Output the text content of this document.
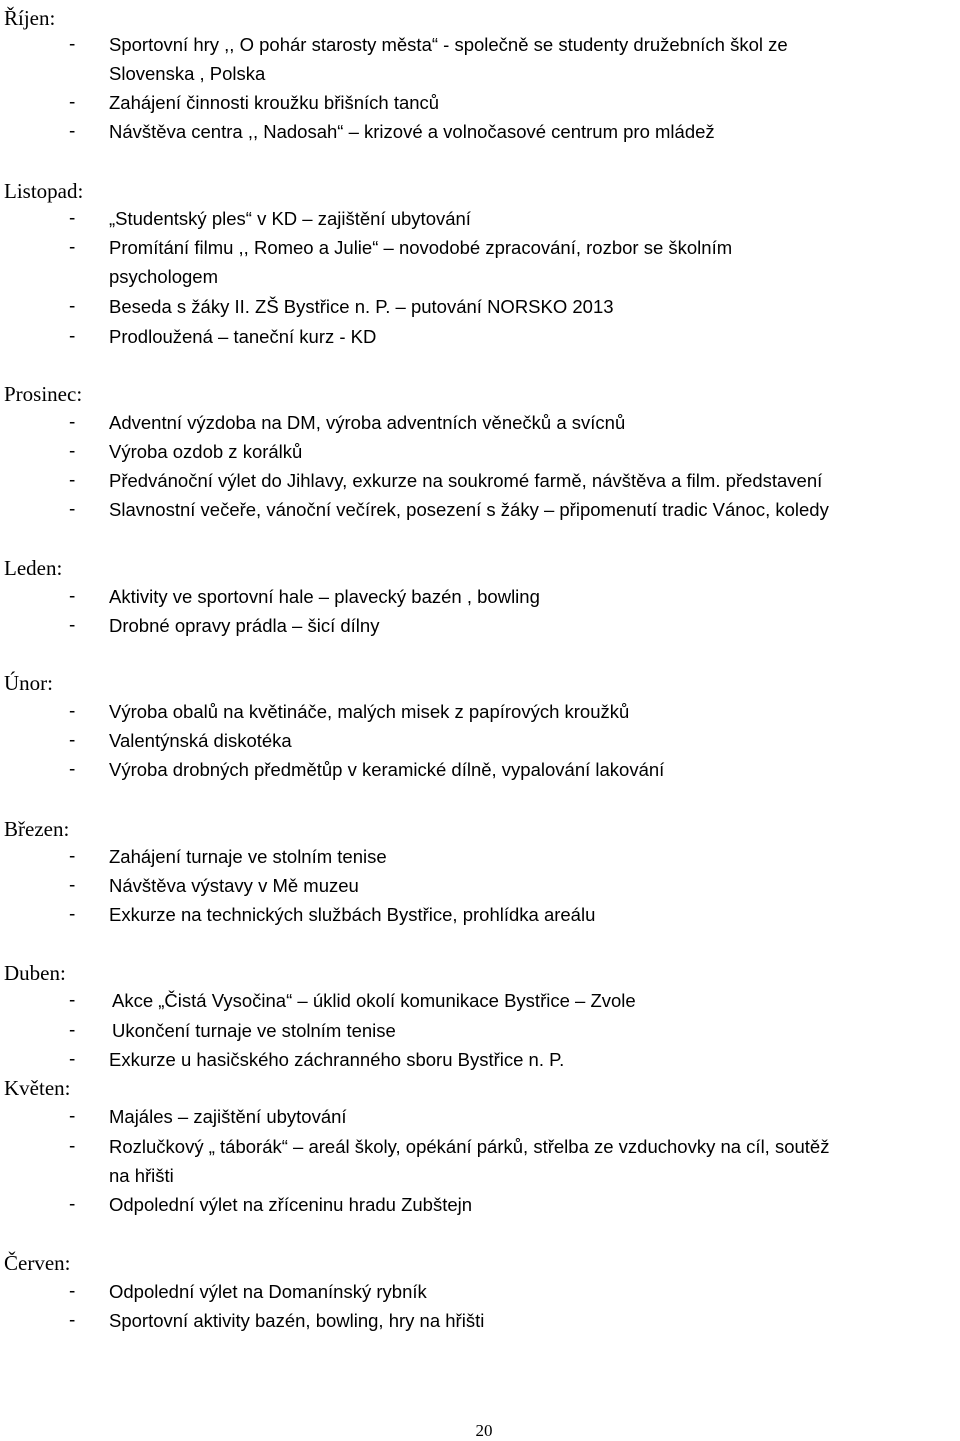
Říjen:
- Sportovní hry ,, O pohár starosty města“ - společně se studenty družebních škol ze
Slovenska , Polska
- Zahájení činnosti kroužku břišních tanců
- Návštěva centra ,, Nadosah“ – krizové a volnočasové centrum pro mládež
Listopad:
- „Studentský ples“ v KD – zajištění ubytování
- Promítání filmu ,, Romeo a Julie“ – novodobé zpracování, rozbor se školním
psychologem
- Beseda s žáky II. ZŠ Bystřice n. P. – putování NORSKO 2013
- Prodloužená – taneční kurz - KD
Prosinec:
- Adventní výzdoba na DM, výroba adventních věnečků a svícnů
- Výroba ozdob z korálků
- Předvánoční výlet do Jihlavy, exkurze na soukromé farmě, návštěva a film. představení
- Slavnostní večeře, vánoční večírek, posezení s žáky – připomenutí tradic Vánoc, koledy
Leden:
- Aktivity ve sportovní hale – plavecký bazén , bowling
- Drobné opravy prádla – šicí dílny
Únor:
- Výroba obalů na květináče, malých misek z papírových kroužků
- Valentýnská diskotéka
- Výroba drobných předmětůp v keramické dílně, vypalování lakování
Březen:
- Zahájení turnaje ve stolním tenise
- Návštěva výstavy v Mě muzeu
- Exkurze na technických službách Bystřice, prohlídka areálu
Duben:
- Akce „Čistá Vysočina“ – úklid okolí komunikace Bystřice – Zvole
- Ukončení turnaje ve stolním tenise
- Exkurze u hasičského záchranného sboru Bystřice n. P.
Květen:
- Majáles – zajištění ubytování
- Rozlučkový „ táborák“ – areál školy, opékání párků, střelba ze vzduchovky na cíl, soutěž
na hřišti
- Odpolední výlet na zříceninu hradu Zubštejn
Červen:
- Odpolední výlet na Domanínský rybník
- Sportovní aktivity bazén, bowling, hry na hřišti
20
